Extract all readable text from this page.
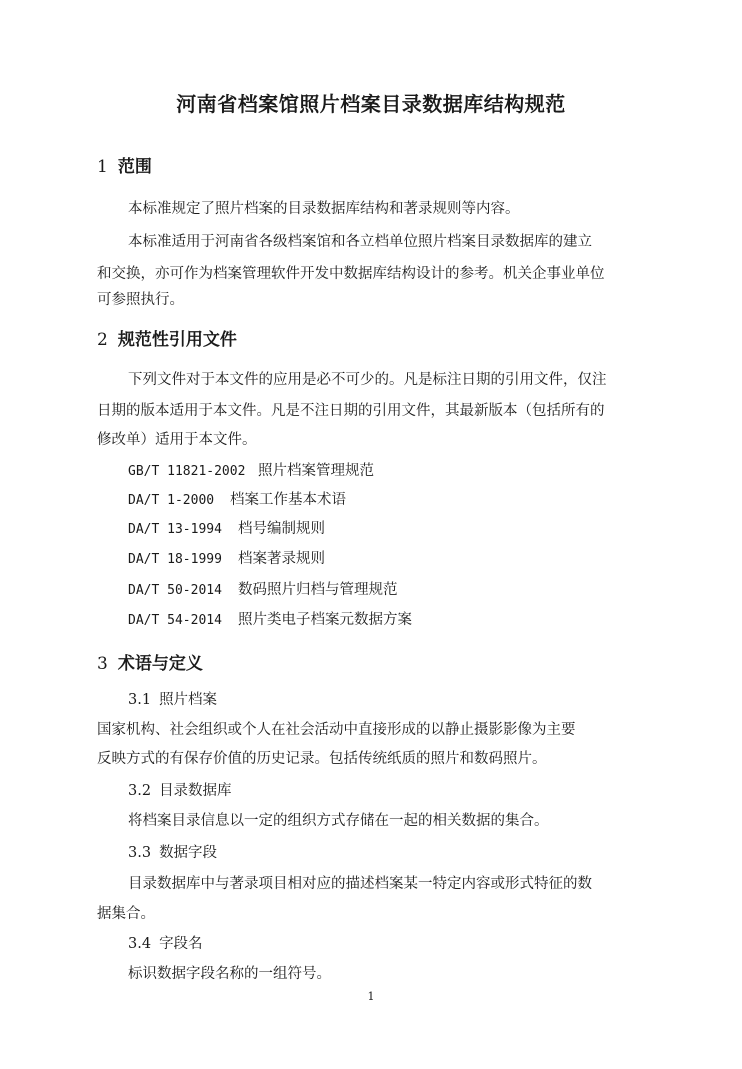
河南省档案馆照片档案目录数据库结构规范
1 范围

本标准规定了照片档案的目录数据库结构和著录规则等内容。

本标准适用于河南省各级档案馆和各立档单位照片档案目录数据库的建立

和交换，亦可作为档案管理软件开发中数据库结构设计的参考。机关企事业单位

可参照执行。

2 规范性引用文件

下列文件对于本文件的应用是必不可少的。凡是标注日期的引用文件，仅注

日期的版本适用于本文件。凡是不注日期的引用文件，其最新版本（包括所有的

修改单）适用于本文件。

GB/T 11821-2002 照片档案管理规范

DA/T 1-2000 档案工作基本术语

DA/T 13-1994 档号编制规则

DA/T 18-1999 档案著录规则

DA/T 50-2014 数码照片归档与管理规范

DA/T 54-2014 照片类电子档案元数据方案

3 术语与定义

3.1 照片档案

国家机构、社会组织或个人在社会活动中直接形成的以静止摄影影像为主要

反映方式的有保存价值的历史记录。包括传统纸质的照片和数码照片。

3.2 目录数据库

将档案目录信息以一定的组织方式存储在一起的相关数据的集合。

3.3 数据字段

目录数据库中与著录项目相对应的描述档案某一特定内容或形式特征的数

据集合。

3.4 字段名

标识数据字段名称的一组符号。

1
